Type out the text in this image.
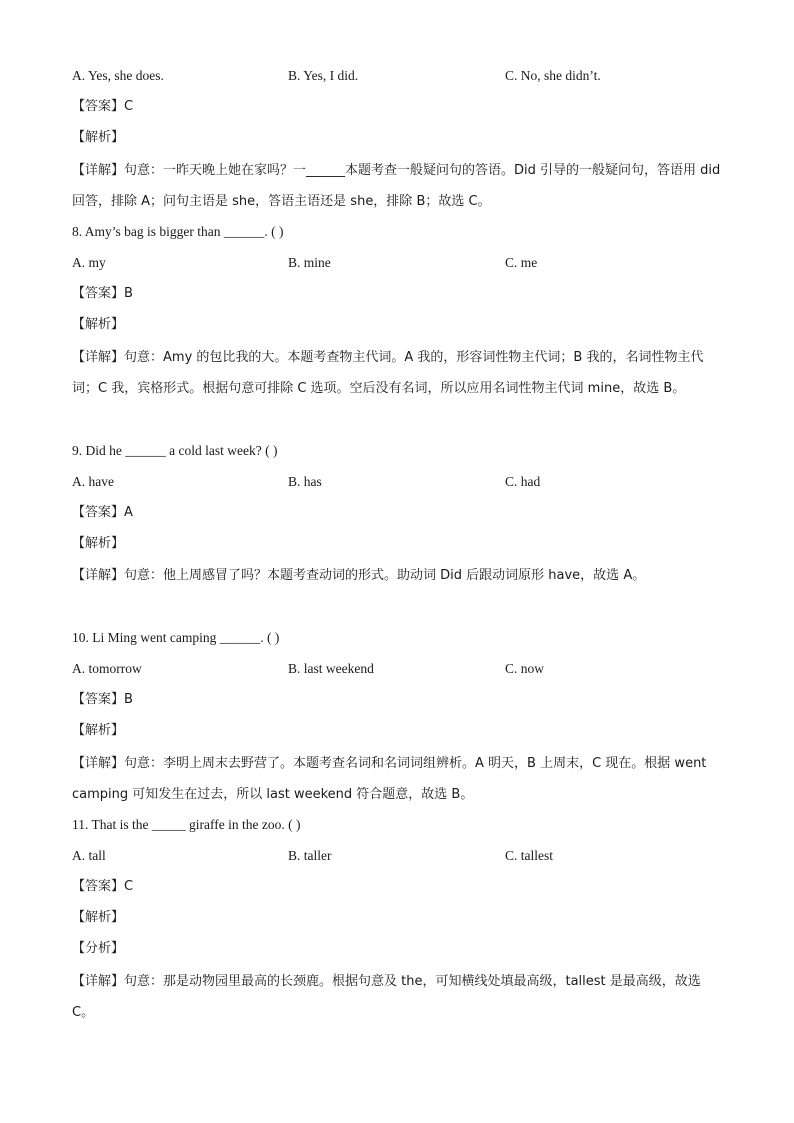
A. Yes, she does.	B. Yes, I did.	C. No, she didn’t.
【答案】C
【解析】
【详解】句意：一昨天晚上她在家吗？一______本题考查一般疑问句的答语。Did 引导的一般疑问句，答语用 did 回答，排除 A；问句主语是 she，答语主语还是 she，排除 B；故选 C。
8. Amy’s bag is bigger than ______. ( )
A. my	B. mine	C. me
【答案】B
【解析】
【详解】句意：Amy 的包比我的大。本题考查物主代词。A 我的，形容词性物主代词；B 我的，名词性物主代词；C 我，宾格形式。根据句意可排除 C 选项。空后没有名词，所以应用名词性物主代词 mine，故选 B。
9. Did he ______ a cold last week? ( )
A. have	B. has	C. had
【答案】A
【解析】
【详解】句意：他上周感冒了吗？本题考查动词的形式。助动词 Did 后跟动词原形 have，故选 A。
10. Li Ming went camping ______. ( )
A. tomorrow	B. last weekend	C. now
【答案】B
【解析】
【详解】句意：李明上周末去野营了。本题考查名词和名词词组辨析。A 明天，B 上周末，C 现在。根据 went camping 可知发生在过去，所以 last weekend 符合题意，故选 B。
11. That is the _____ giraffe in the zoo. ( )
A. tall	B. taller	C. tallest
【答案】C
【解析】
【分析】
【详解】句意：那是动物园里最高的长颈鹿。根据句意及 the，可知横线处填最高级，tallest 是最高级，故选 C。
